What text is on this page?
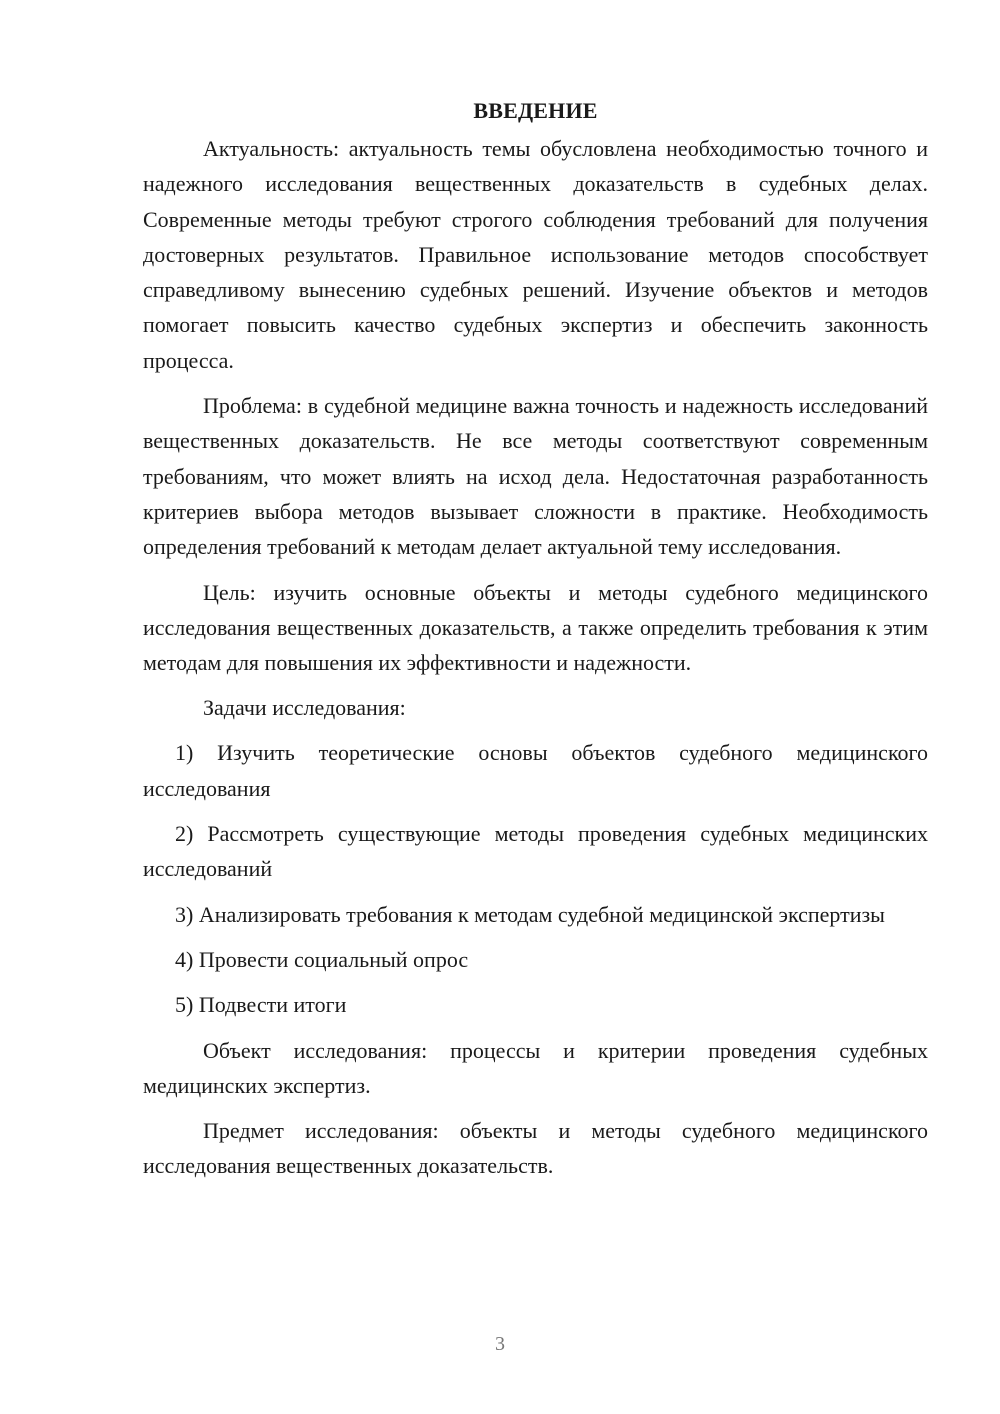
ВВЕДЕНИЕ

Актуальность: актуальность темы обусловлена необходимостью точного и надежного исследования вещественных доказательств в судебных делах. Современные методы требуют строгого соблюдения требований для получения достоверных результатов. Правильное использование методов способствует справедливому вынесению судебных решений. Изучение объектов и методов помогает повысить качество судебных экспертиз и обеспечить законность процесса.

Проблема: в судебной медицине важна точность и надежность исследований вещественных доказательств. Не все методы соответствуют современным требованиям, что может влиять на исход дела. Недостаточная разработанность критериев выбора методов вызывает сложности в практике. Необходимость определения требований к методам делает актуальной тему исследования.

Цель: изучить основные объекты и методы судебного медицинского исследования вещественных доказательств, а также определить требования к этим методам для повышения их эффективности и надежности.

Задачи исследования:

1) Изучить теоретические основы объектов судебного медицинского исследования

2) Рассмотреть существующие методы проведения судебных медицинских исследований

3) Анализировать требования к методам судебной медицинской экспертизы

4) Провести социальный опрос

5) Подвести итоги

Объект исследования: процессы и критерии проведения судебных медицинских экспертиз.

Предмет исследования: объекты и методы судебного медицинского исследования вещественных доказательств.

3
